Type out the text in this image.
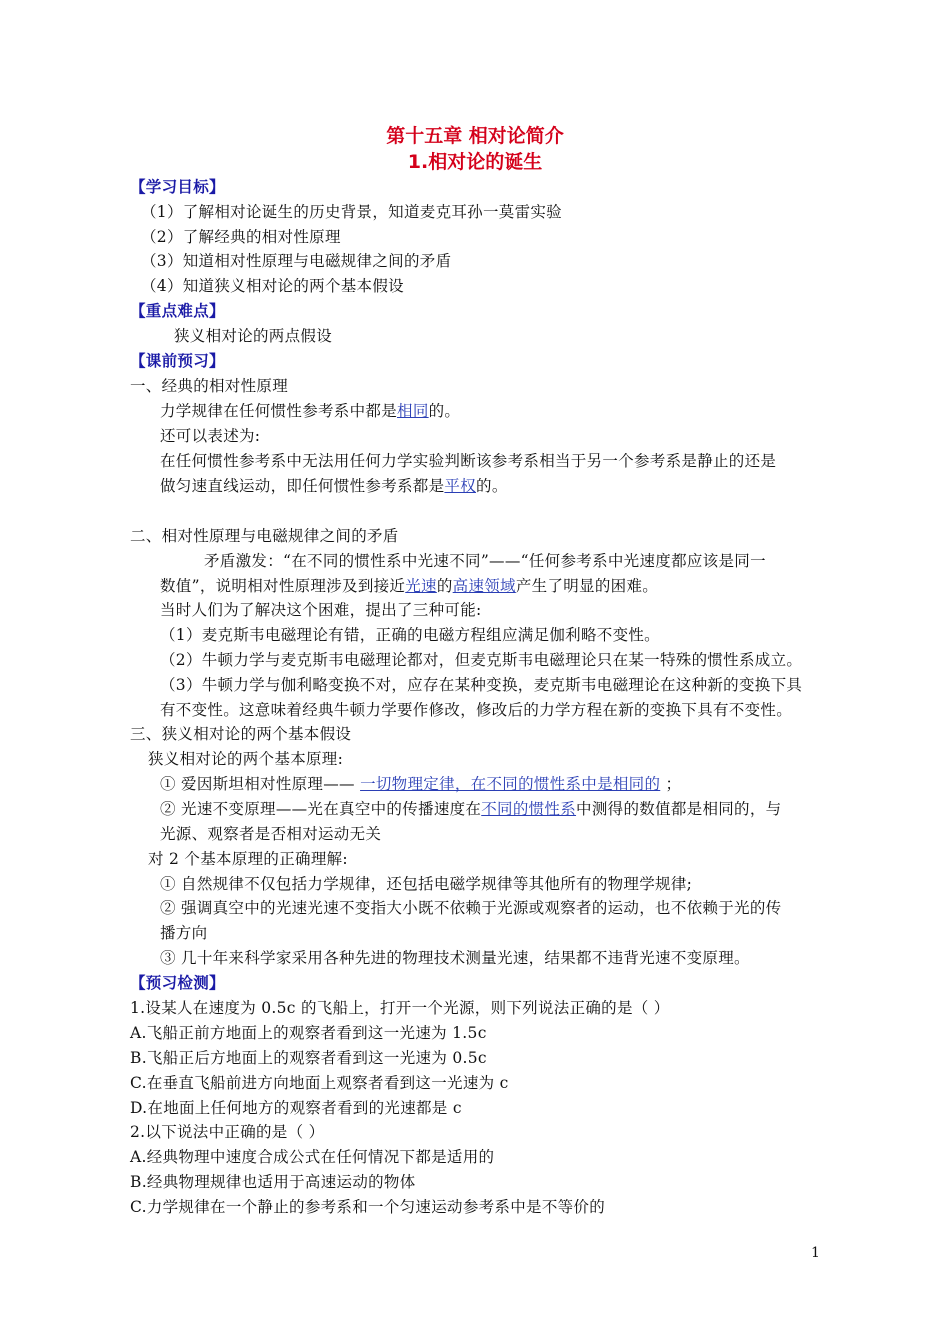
第十五章 相对论简介
1.相对论的诞生
【学习目标】
（1）了解相对论诞生的历史背景，知道麦克耳孙一莫雷实验
（2）了解经典的相对性原理
（3）知道相对性原理与电磁规律之间的矛盾
（4）知道狭义相对论的两个基本假设
【重点难点】
狭义相对论的两点假设
【课前预习】
一、经典的相对性原理
力学规律在任何惯性参考系中都是相同的。
还可以表述为:
在任何惯性参考系中无法用任何力学实验判断该参考系相当于另一个参考系是静止的还是
做匀速直线运动，即任何惯性参考系都是平权的。
二、相对性原理与电磁规律之间的矛盾
矛盾激发：“在不同的惯性系中光速不同”——“任何参考系中光速度都应该是同一
数值”，说明相对性原理涉及到接近光速的高速领域产生了明显的困难。
当时人们为了解决这个困难，提出了三种可能:
（1）麦克斯韦电磁理论有错，正确的电磁方程组应满足伽利略不变性。
（2）牛顿力学与麦克斯韦电磁理论都对，但麦克斯韦电磁理论只在某一特殊的惯性系成立。
（3）牛顿力学与伽利略变换不对，应存在某种变换，麦克斯韦电磁理论在这种新的变换下具
有不变性。这意味着经典牛顿力学要作修改，修改后的力学方程在新的变换下具有不变性。
三、狭义相对论的两个基本假设
狭义相对论的两个基本原理:
① 爱因斯坦相对性原理—— 一切物理定律，在不同的惯性系中是相同的 ；
② 光速不变原理——光在真空中的传播速度在不同的惯性系中测得的数值都是相同的，与
光源、观察者是否相对运动无关
对 2 个基本原理的正确理解:
① 自然规律不仅包括力学规律，还包括电磁学规律等其他所有的物理学规律;
② 强调真空中的光速光速不变指大小既不依赖于光源或观察者的运动，也不依赖于光的传
播方向
③ 几十年来科学家采用各种先进的物理技术测量光速，结果都不违背光速不变原理。
【预习检测】
1.设某人在速度为 0.5c 的飞船上，打开一个光源，则下列说法正确的是（ ）
A.飞船正前方地面上的观察者看到这一光速为 1.5c
B.飞船正后方地面上的观察者看到这一光速为 0.5c
C.在垂直飞船前进方向地面上观察者看到这一光速为 c
D.在地面上任何地方的观察者看到的光速都是 c
2.以下说法中正确的是（ ）
A.经典物理中速度合成公式在任何情况下都是适用的
B.经典物理规律也适用于高速运动的物体
C.力学规律在一个静止的参考系和一个匀速运动参考系中是不等价的
1
